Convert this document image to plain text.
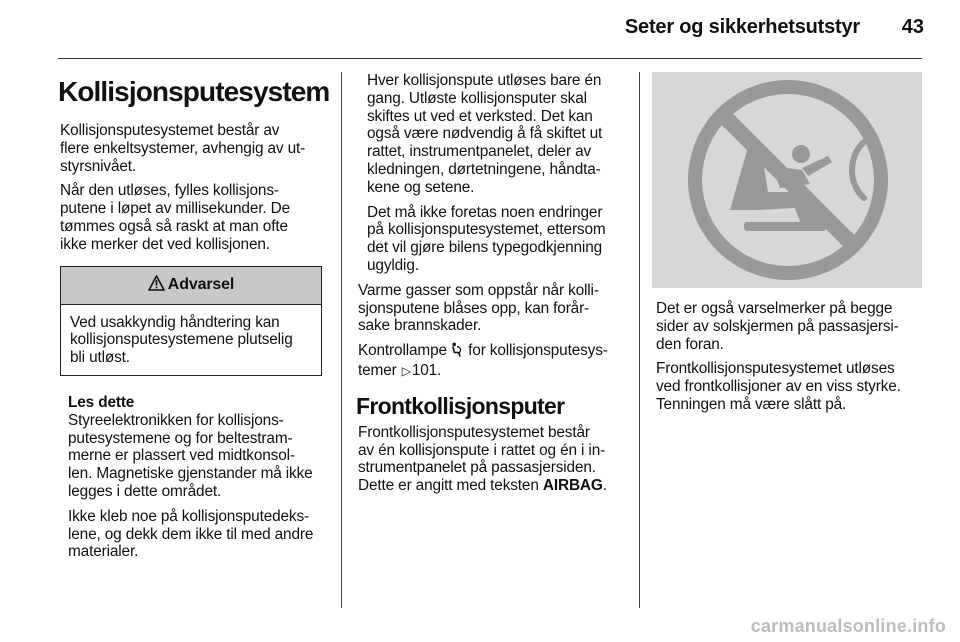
Seter og sikkerhetsutstyr	43
Kollisjonsputesystem

Kollisjonsputesystemet består av
flere enkeltsystemer, avhengig av ut-
styrsnivået.

Når den utløses, fylles kollisjons-
putene i løpet av millisekunder. De
tømmes også så raskt at man ofte
ikke merker det ved kollisjonen.

Advarsel
Ved usakkyndig håndtering kan
kollisjonsputesystemene plutselig
bli utløst.
Les dette

Styreelektronikken for kollisjons-
putesystemene og for beltestram-
merne er plassert ved midtkonsol-
len. Magnetiske gjenstander må ikke
legges i dette området.

Ikke kleb noe på kollisjonsputedeks-
lene, og dekk dem ikke til med andre
materialer.

Hver kollisjonspute utløses bare én
gang. Utløste kollisjonsputer skal
skiftes ut ved et verksted. Det kan
også være nødvendig å få skiftet ut
rattet, instrumentpanelet, deler av
kledningen, dørtetningene, håndta-
kene og setene.

Det må ikke foretas noen endringer
på kollisjonsputesystemet, ettersom
det vil gjøre bilens typegodkjenning
ugyldig.

Varme gasser som oppstår når kolli-
sjonsputene blåses opp, kan forår-
sake brannskader.

Kontrollampe for kollisjonsputesys-
temer ▷101.

Frontkollisjonsputer

Frontkollisjonsputesystemet består
av én kollisjonspute i rattet og én i in-
strumentpanelet på passasjersiden.
Dette er angitt med teksten AIRBAG.

Det er også varselmerker på begge
sider av solskjermen på passasjersi-
den foran.

Frontkollisjonsputesystemet utløses
ved frontkollisjoner av en viss styrke.
Tenningen må være slått på.

carmanualsonline.info
